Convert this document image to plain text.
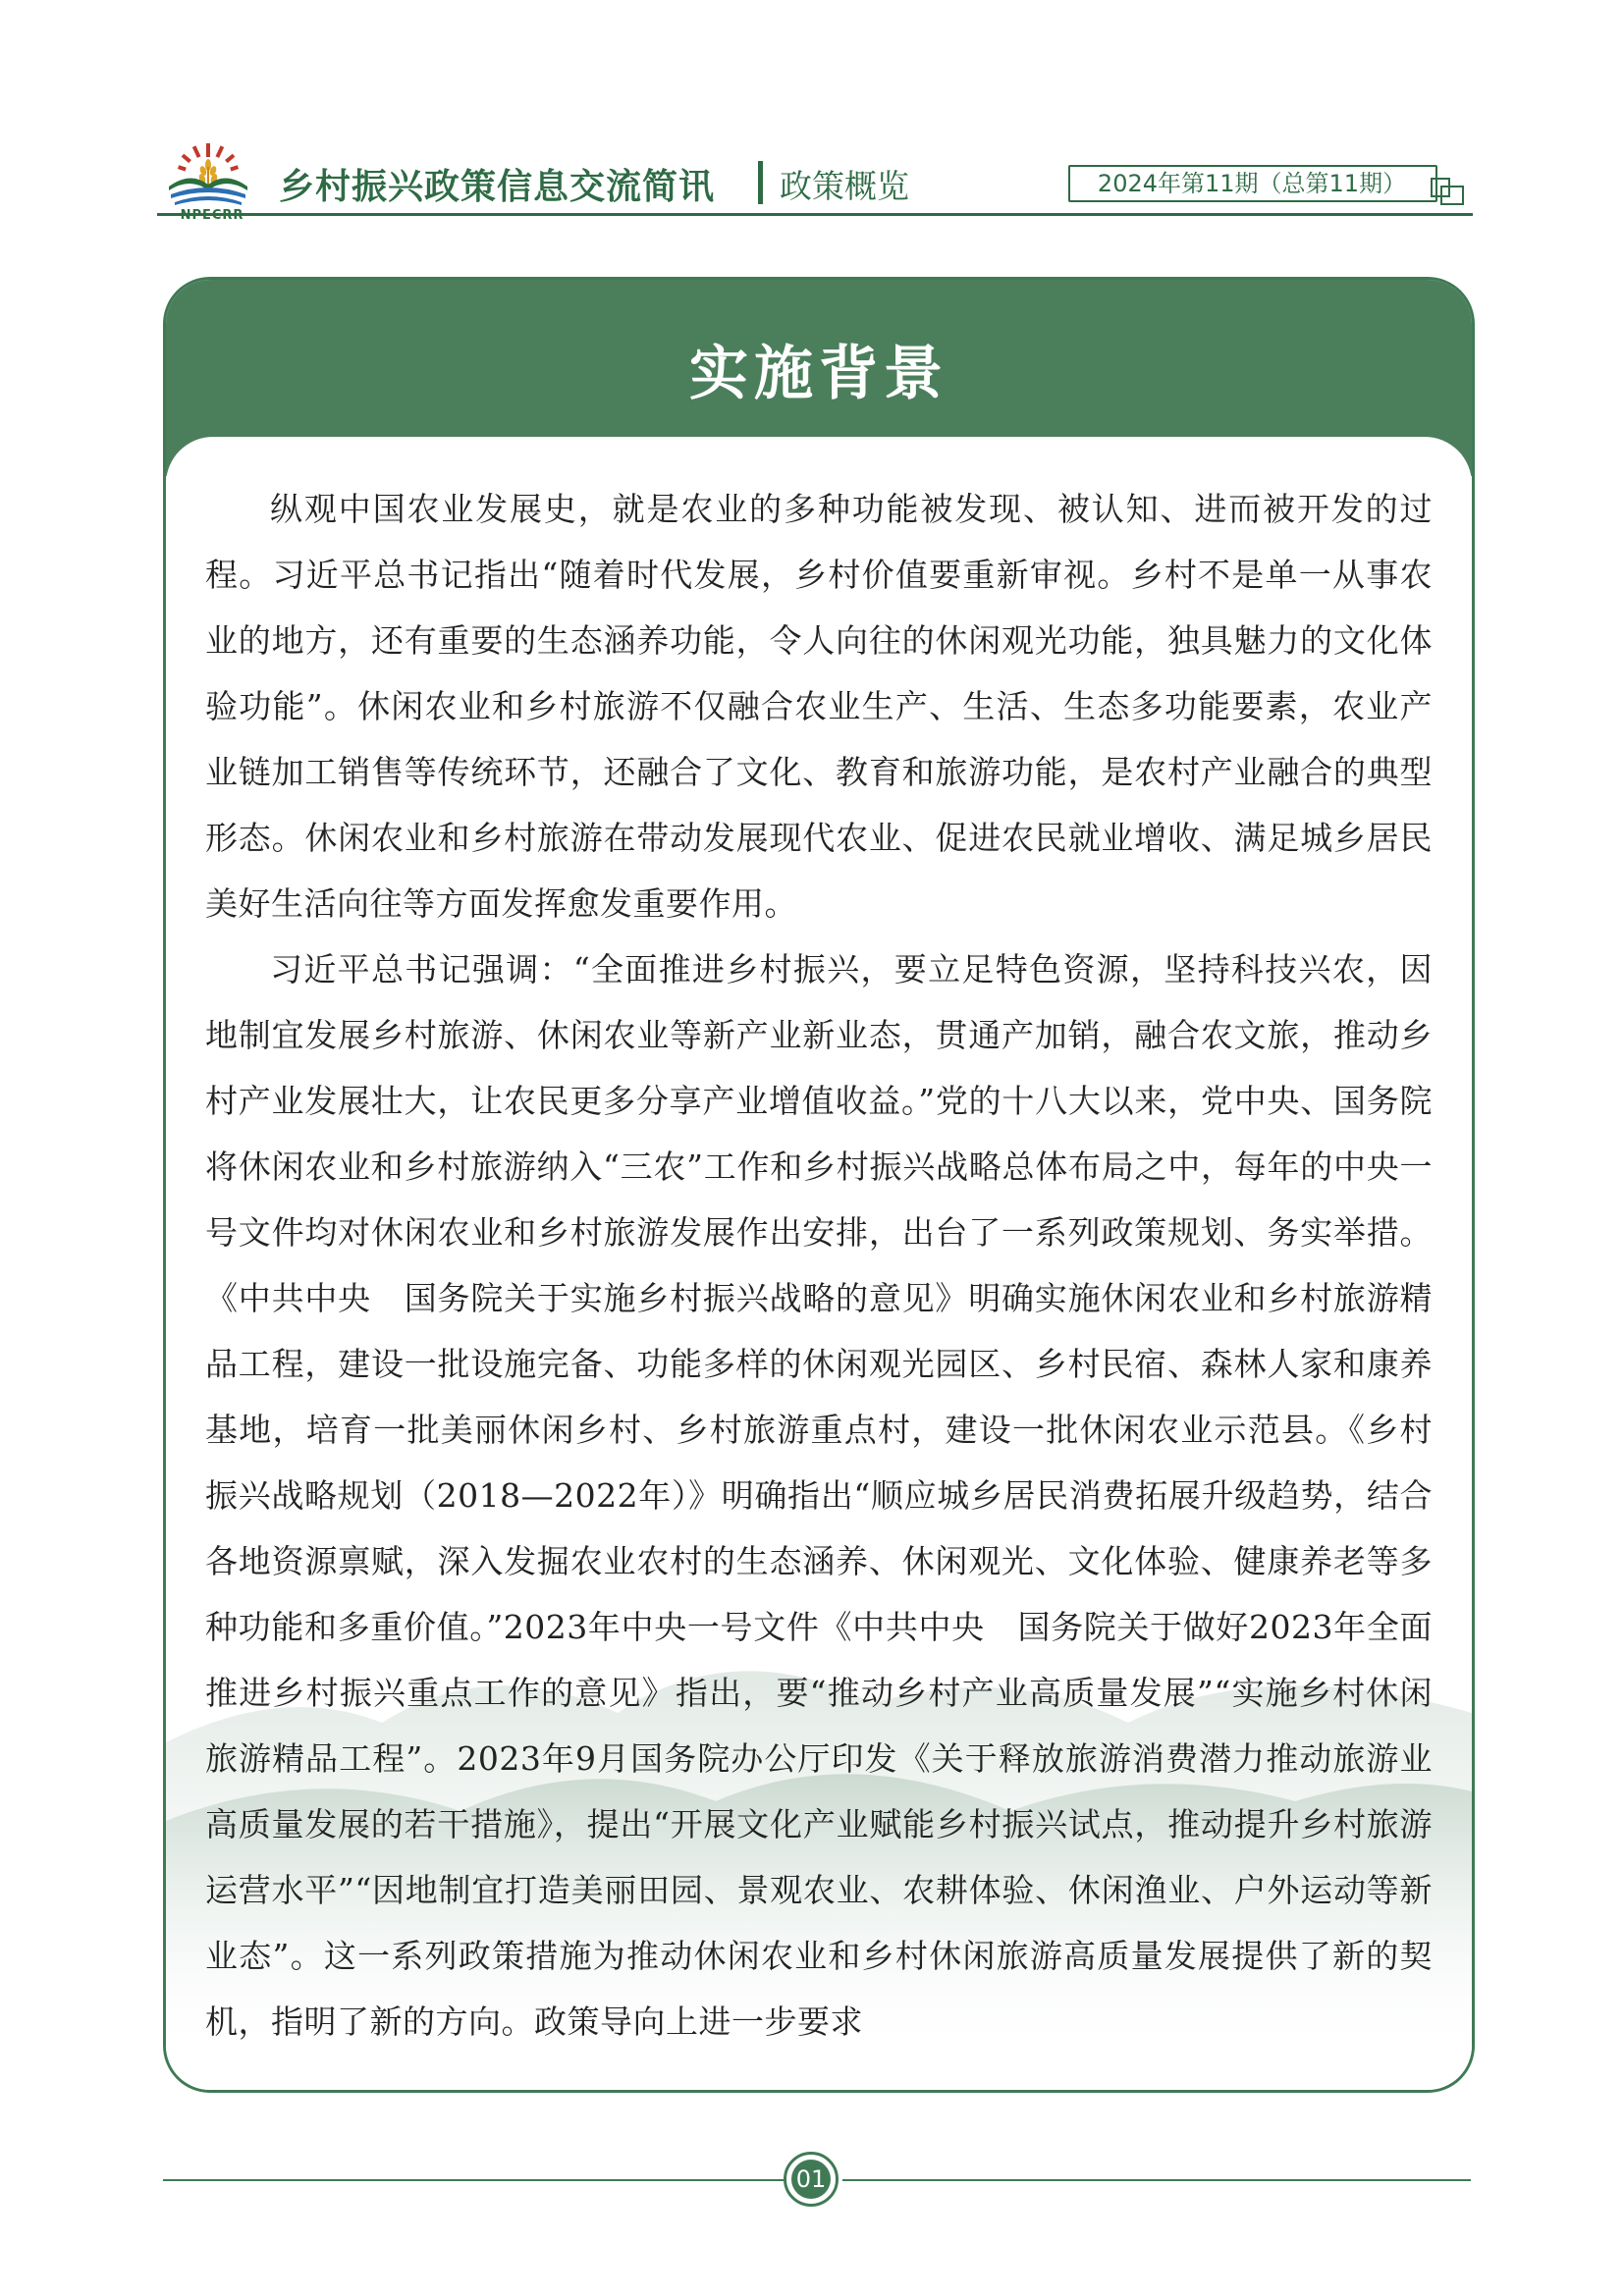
乡村振兴政策信息交流简讯 政策概览	2024年第11期（总第11期）
实施背景

纵观中国农业发展史，就是农业的多种功能被发现、被认知、进而被开发的过程。习近平总书记指出“随着时代发展，乡村价值要重新审视。乡村不是单一从事农业的地方，还有重要的生态涵养功能，令人向往的休闲观光功能，独具魅力的文化体验功能”。休闲农业和乡村旅游不仅融合农业生产、生活、生态多功能要素，农业产业链加工销售等传统环节，还融合了文化、教育和旅游功能，是农村产业融合的典型形态。休闲农业和乡村旅游在带动发展现代农业、促进农民就业增收、满足城乡居民美好生活向往等方面发挥愈发重要作用。

习近平总书记强调：“全面推进乡村振兴，要立足特色资源，坚持科技兴农，因地制宜发展乡村旅游、休闲农业等新产业新业态，贯通产加销，融合农文旅，推动乡村产业发展壮大，让农民更多分享产业增值收益。”党的十八大以来，党中央、国务院将休闲农业和乡村旅游纳入“三农”工作和乡村振兴战略总体布局之中，每年的中央一号文件均对休闲农业和乡村旅游发展作出安排，出台了一系列政策规划、务实举措。《中共中央　国务院关于实施乡村振兴战略的意见》明确实施休闲农业和乡村旅游精品工程，建设一批设施完备、功能多样的休闲观光园区、乡村民宿、森林人家和康养基地，培育一批美丽休闲乡村、乡村旅游重点村，建设一批休闲农业示范县。《乡村振兴战略规划（2018—2022年）》明确指出“顺应城乡居民消费拓展升级趋势，结合各地资源禀赋，深入发掘农业农村的生态涵养、休闲观光、文化体验、健康养老等多种功能和多重价值。”2023年中央一号文件《中共中央　国务院关于做好2023年全面推进乡村振兴重点工作的意见》指出，要“推动乡村产业高质量发展”“实施乡村休闲旅游精品工程”。2023年9月国务院办公厅印发《关于释放旅游消费潜力推动旅游业高质量发展的若干措施》，提出“开展文化产业赋能乡村振兴试点，推动提升乡村旅游运营水平”“因地制宜打造美丽田园、景观农业、农耕体验、休闲渔业、户外运动等新业态”。这一系列政策措施为推动休闲农业和乡村休闲旅游高质量发展提供了新的契机，指明了新的方向。政策导向上进一步要求

01
